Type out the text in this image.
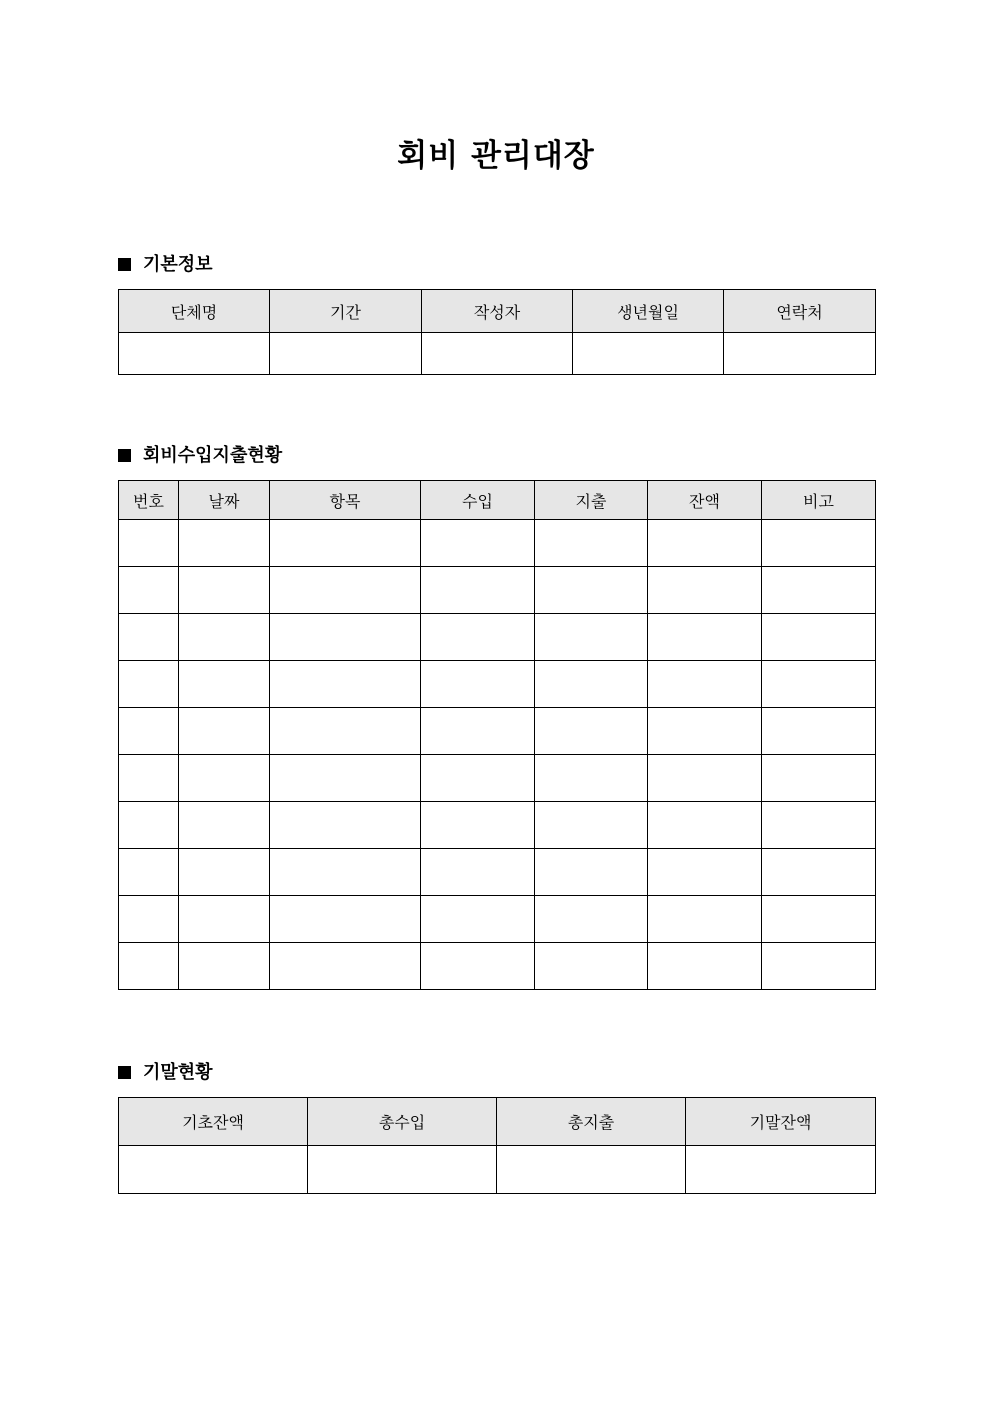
회비 관리대장
기본정보
단체명	기간	작성자	생년월일	연락처

회비수입지출현황
번호	날짜	항목	수입	지출	잔액	비고

기말현황
기초잔액	총수입	총지출	기말잔액
